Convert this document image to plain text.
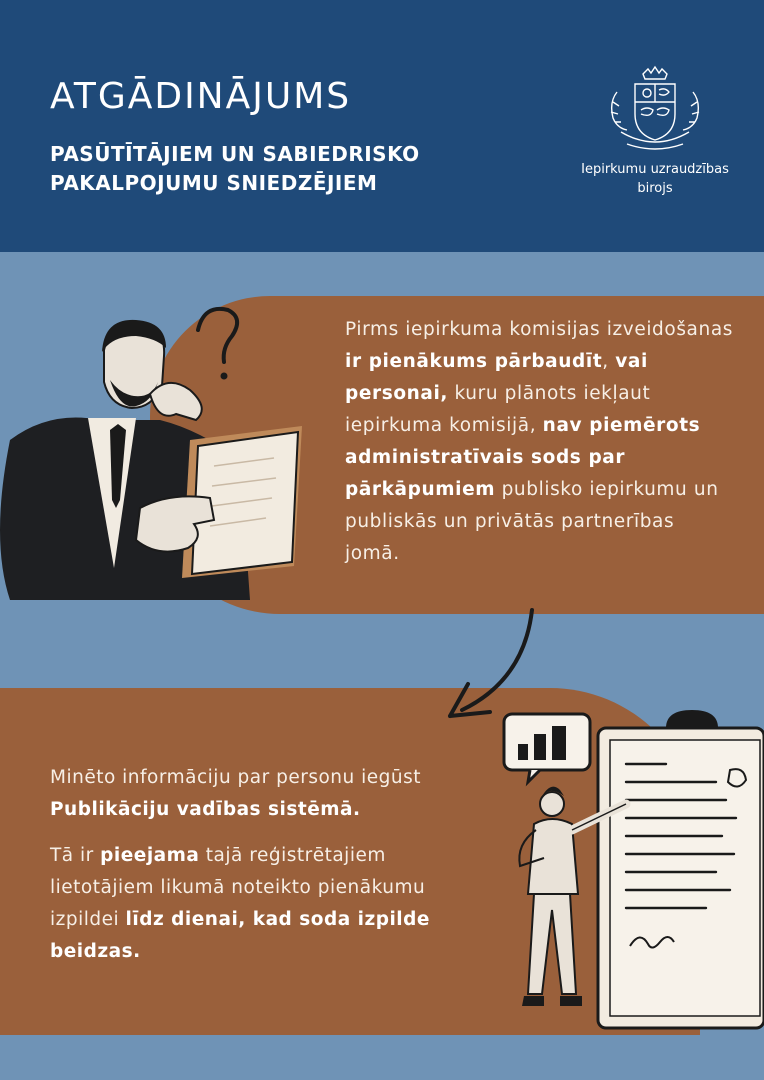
ATGĀDINĀJUMS
PASŪTĪTĀJIEM UN SABIEDRISKO PAKALPOJUMU SNIEDZĒJIEM
Iepirkumu uzraudzības
birojs
Pirms iepirkuma komisijas izveidošanas ir pienākums pārbaudīt, vai personai, kuru plānots iekļaut iepirkuma komisijā, nav piemērots administratīvais sods par pārkāpumiem publisko iepirkumu un publiskās un privātās partnerības jomā.
Minēto informāciju par personu iegūst Publikāciju vadības sistēmā.
Tā ir pieejama tajā reģistrētajiem lietotājiem likumā noteikto pienākumu izpildei līdz dienai, kad soda izpilde beidzas.
